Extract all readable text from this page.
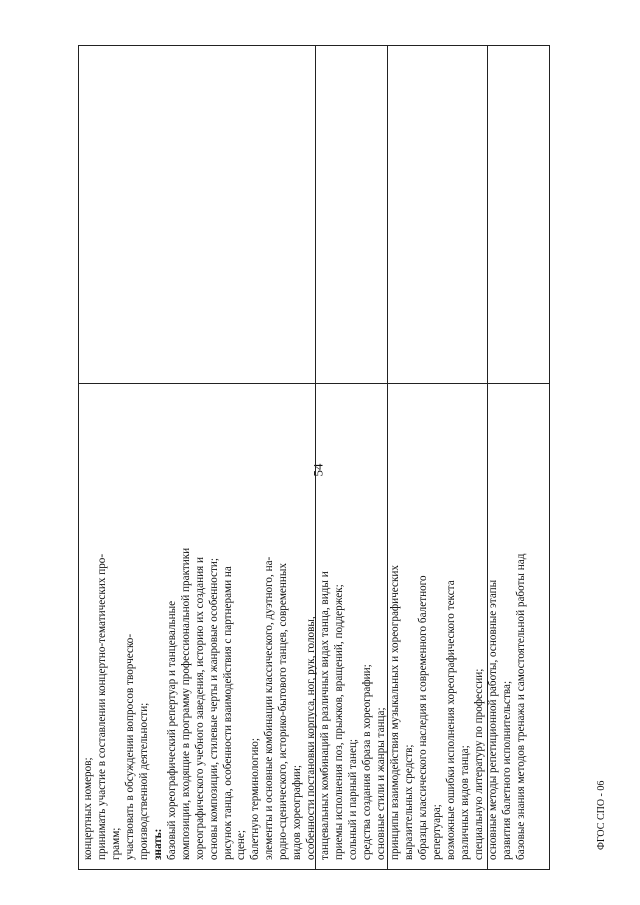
54
ФГОС СПО - 06

концертных номеров; принимать участие в составлении концертно-тематических про- грамм; участвовать в обсуждении вопросов творческо- производственной деятельности; знать: базовый хореографический репертуар и танцевальные композиции, входящие в программу профессиональной практики хореографического учебного заведения, историю их создания и основы композиции, стилевые черты и жанровые особенности; рисунок танца, особенности взаимодействия с партнерами на сцене; балетную терминологию; элементы и основные комбинации классического, дуэтного, на- родно-сценического, историко-бытового танцев, современных видов хореографии; особенности постановки корпуса, ног, рук, головы, танцевальных комбинаций в различных видах танца, виды и приемы исполнения поз, прыжков, вращений, поддержек; сольный и парный танец; средства создания образа в хореографии; основные стили и жанры танца; принципы взаимодействия музыкальных и хореографических выразительных средств; образцы классического наследия и современного балетного репертуара; возможные ошибки исполнения хореографического текста различных видов танца; специальную литературу по профессии; основные методы репетиционной работы, основные этапы развития балетного исполнительства; базовые знания методов тренажа и самостоятельной работы над
